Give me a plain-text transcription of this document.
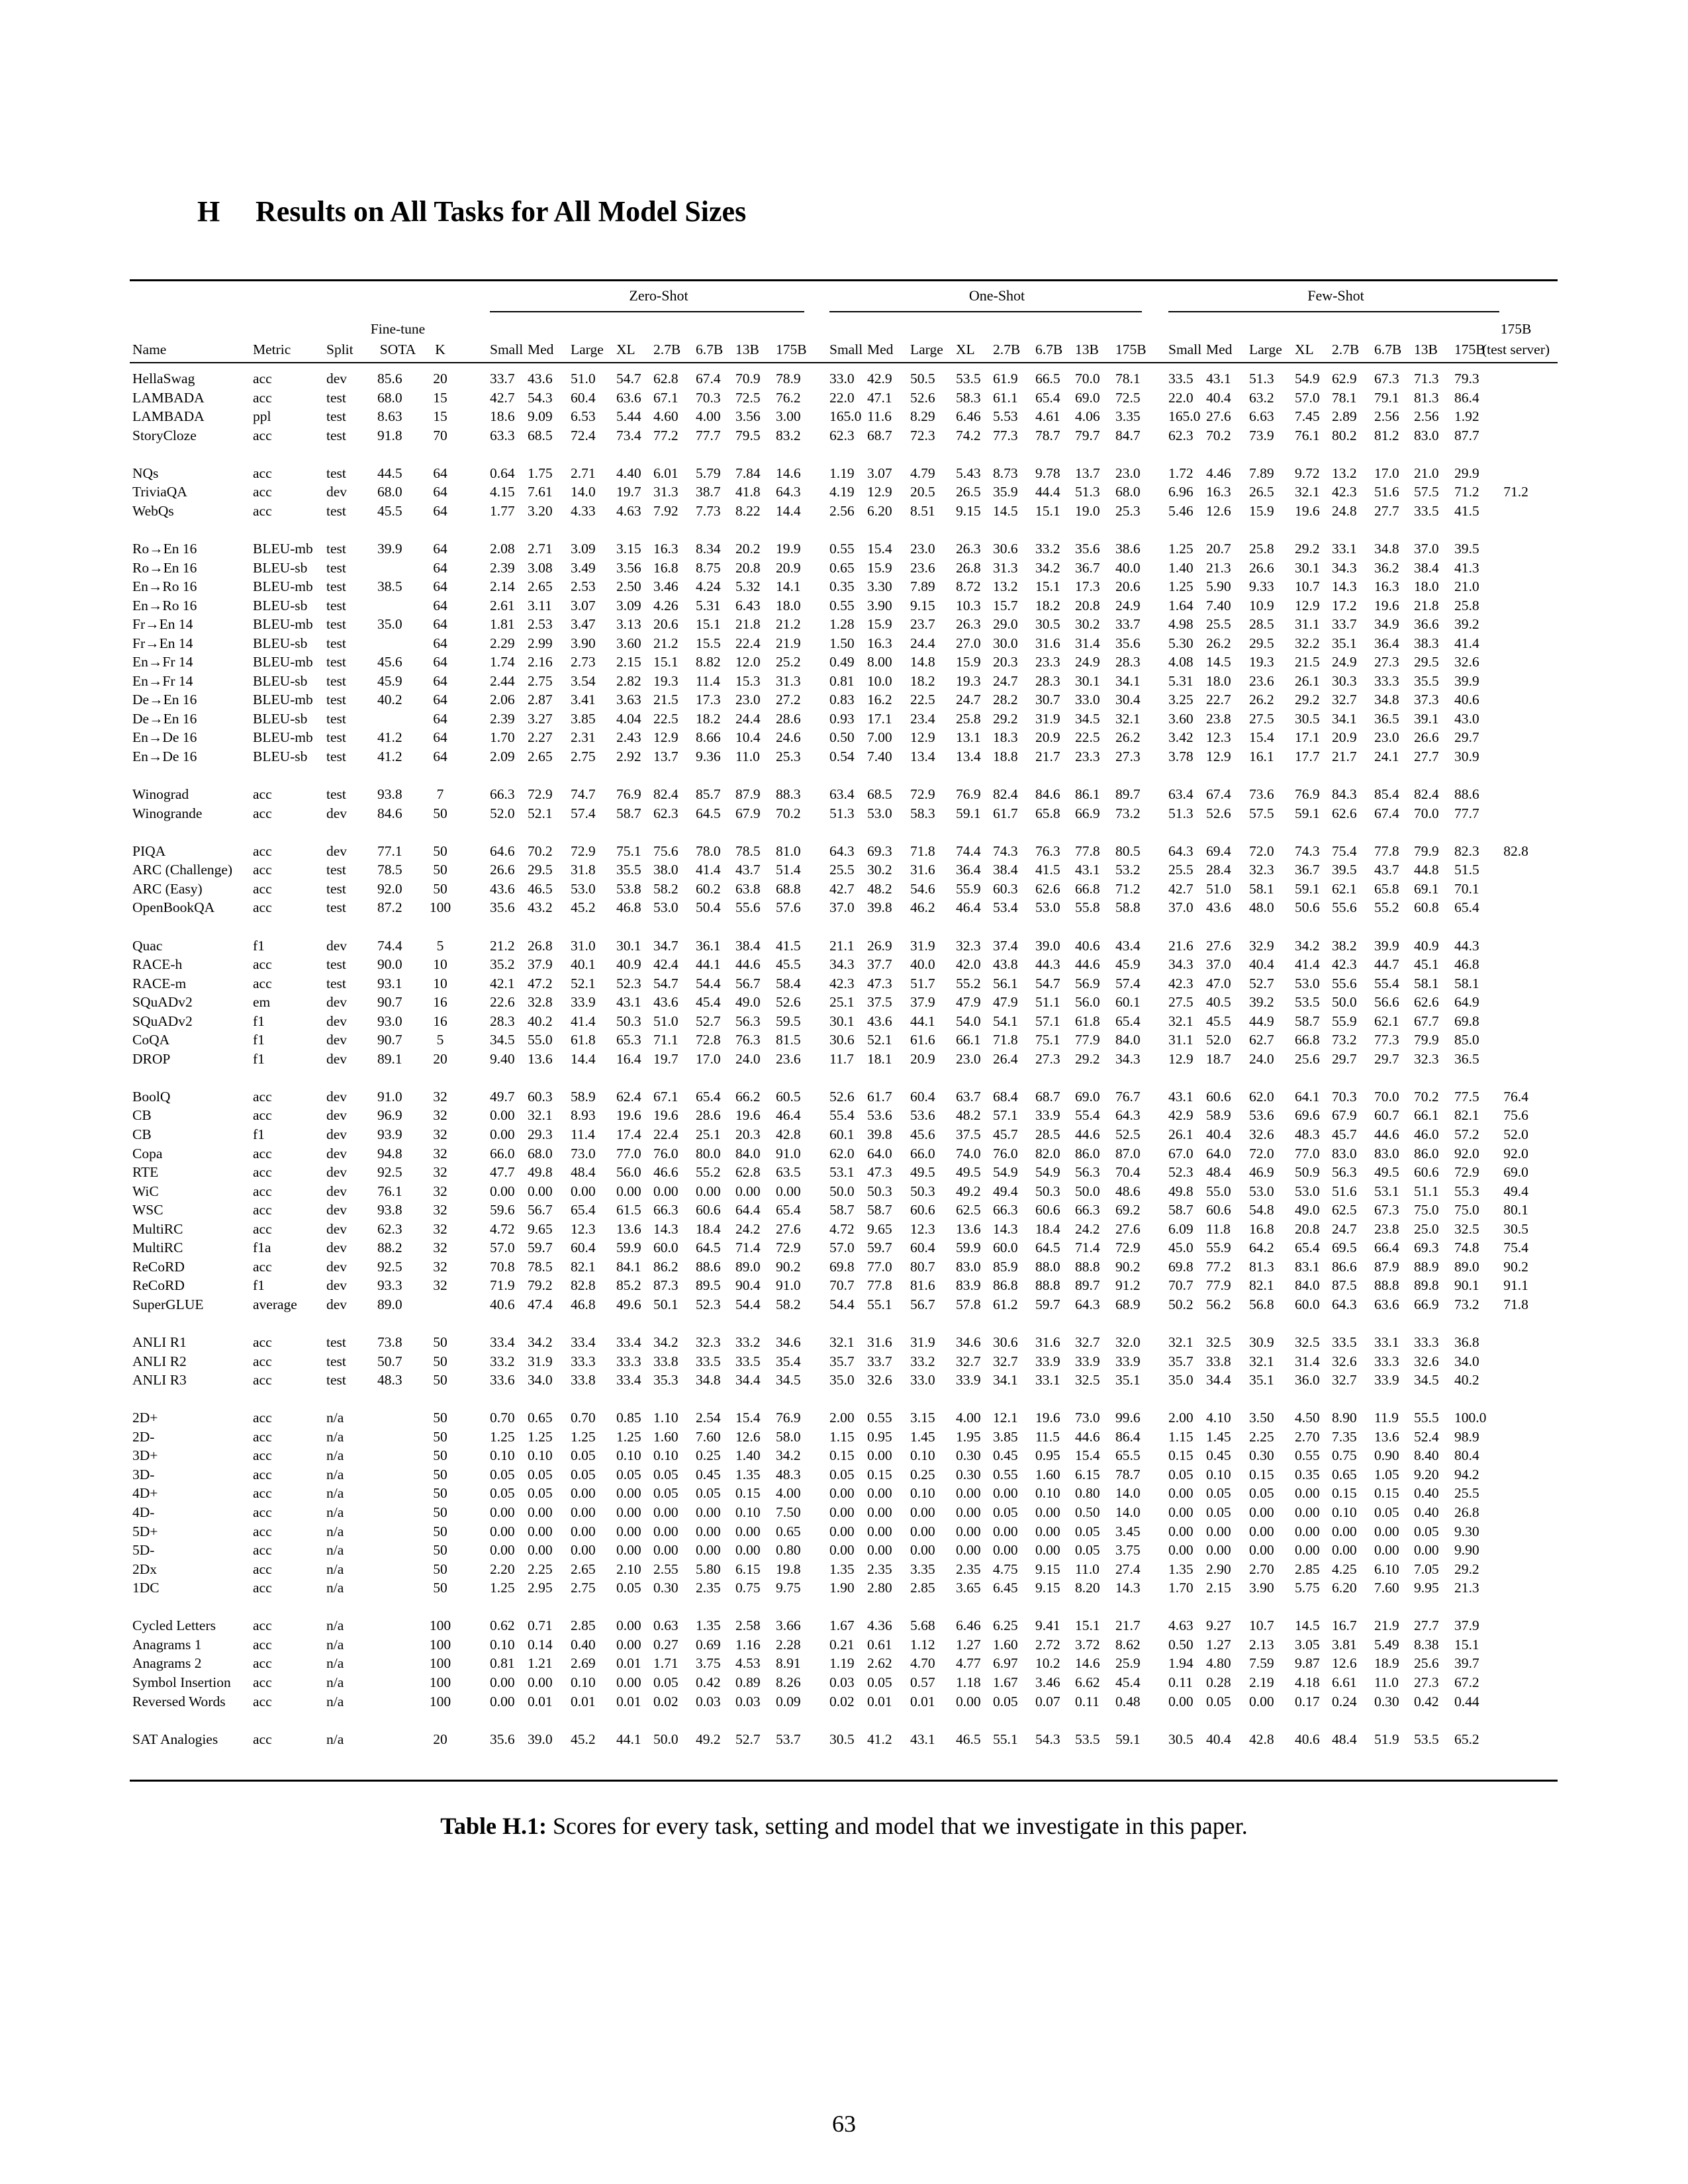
H Results on All Tasks for All Model Sizes
Zero-Shot	One-Shot	Few-Shot
Name	Metric Split
Fine-tune
SOTA K	Small Med Large XL 2.7B 6.7B 13B 175B Small Med Large XL 2.7B 6.7B 13B 175B Small Med Large XL 2.7B 6.7B 13B 175B
175B
(test server)
HellaSwag	acc	dev 85.6 20	33.7 43.6 51.0 54.7 62.8 67.4 70.9 78.9 33.0 42.9 50.5 53.5 61.9 66.5 70.0 78.1 33.5 43.1 51.3 54.9 62.9 67.3 71.3 79.3
LAMBADA	acc	test 68.0 15	42.7 54.3 60.4 63.6 67.1 70.3 72.5 76.2 22.0 47.1 52.6 58.3 61.1 65.4 69.0 72.5 22.0 40.4 63.2 57.0 78.1 79.1 81.3 86.4
LAMBADA	ppl	test 8.63 15	18.6 9.09 6.53 5.44 4.60 4.00 3.56 3.00 165.0 11.6 8.29 6.46 5.53 4.61 4.06 3.35 165.0 27.6 6.63 7.45 2.89 2.56 2.56 1.92
StoryCloze	acc	test 91.8 70	63.3 68.5 72.4 73.4 77.2 77.7 79.5 83.2 62.3 68.7 72.3 74.2 77.3 78.7 79.7 84.7 62.3 70.2 73.9 76.1 80.2 81.2 83.0 87.7
NQs	acc	test 44.5 64	0.64 1.75 2.71 4.40 6.01 5.79 7.84 14.6 1.19 3.07 4.79 5.43 8.73 9.78 13.7 23.0 1.72 4.46 7.89 9.72 13.2 17.0 21.0 29.9
TriviaQA	acc	dev 68.0 64	4.15 7.61 14.0 19.7 31.3 38.7 41.8 64.3 4.19 12.9 20.5 26.5 35.9 44.4 51.3 68.0 6.96 16.3 26.5 32.1 42.3 51.6 57.5 71.2 71.2
WebQs	acc	test 45.5 64	1.77 3.20 4.33 4.63 7.92 7.73 8.22 14.4 2.56 6.20 8.51 9.15 14.5 15.1 19.0 25.3 5.46 12.6 15.9 19.6 24.8 27.7 33.5 41.5
Ro→En 16	BLEU-mb test 39.9 64	2.08 2.71 3.09 3.15 16.3 8.34 20.2 19.9 0.55 15.4 23.0 26.3 30.6 33.2 35.6 38.6 1.25 20.7 25.8 29.2 33.1 34.8 37.0 39.5
Ro→En 16	BLEU-sb test	64	2.39 3.08 3.49 3.56 16.8 8.75 20.8 20.9 0.65 15.9 23.6 26.8 31.3 34.2 36.7 40.0 1.40 21.3 26.6 30.1 34.3 36.2 38.4 41.3
En→Ro 16	BLEU-mb test 38.5 64	2.14 2.65 2.53 2.50 3.46 4.24 5.32 14.1 0.35 3.30 7.89 8.72 13.2 15.1 17.3 20.6 1.25 5.90 9.33 10.7 14.3 16.3 18.0 21.0
En→Ro 16	BLEU-sb test	64	2.61 3.11 3.07 3.09 4.26 5.31 6.43 18.0 0.55 3.90 9.15 10.3 15.7 18.2 20.8 24.9 1.64 7.40 10.9 12.9 17.2 19.6 21.8 25.8
Fr→En 14	BLEU-mb test 35.0 64	1.81 2.53 3.47 3.13 20.6 15.1 21.8 21.2 1.28 15.9 23.7 26.3 29.0 30.5 30.2 33.7 4.98 25.5 28.5 31.1 33.7 34.9 36.6 39.2
Fr→En 14	BLEU-sb test	64	2.29 2.99 3.90 3.60 21.2 15.5 22.4 21.9 1.50 16.3 24.4 27.0 30.0 31.6 31.4 35.6 5.30 26.2 29.5 32.2 35.1 36.4 38.3 41.4
En→Fr 14	BLEU-mb test 45.6 64	1.74 2.16 2.73 2.15 15.1 8.82 12.0 25.2 0.49 8.00 14.8 15.9 20.3 23.3 24.9 28.3 4.08 14.5 19.3 21.5 24.9 27.3 29.5 32.6
En→Fr 14	BLEU-sb test 45.9 64	2.44 2.75 3.54 2.82 19.3 11.4 15.3 31.3 0.81 10.0 18.2 19.3 24.7 28.3 30.1 34.1 5.31 18.0 23.6 26.1 30.3 33.3 35.5 39.9
De→En 16	BLEU-mb test 40.2 64	2.06 2.87 3.41 3.63 21.5 17.3 23.0 27.2 0.83 16.2 22.5 24.7 28.2 30.7 33.0 30.4 3.25 22.7 26.2 29.2 32.7 34.8 37.3 40.6
De→En 16	BLEU-sb test	64	2.39 3.27 3.85 4.04 22.5 18.2 24.4 28.6 0.93 17.1 23.4 25.8 29.2 31.9 34.5 32.1 3.60 23.8 27.5 30.5 34.1 36.5 39.1 43.0
En→De 16	BLEU-mb test 41.2 64	1.70 2.27 2.31 2.43 12.9 8.66 10.4 24.6 0.50 7.00 12.9 13.1 18.3 20.9 22.5 26.2 3.42 12.3 15.4 17.1 20.9 23.0 26.6 29.7
En→De 16	BLEU-sb test 41.2 64	2.09 2.65 2.75 2.92 13.7 9.36 11.0 25.3 0.54 7.40 13.4 13.4 18.8 21.7 23.3 27.3 3.78 12.9 16.1 17.7 21.7 24.1 27.7 30.9
Winograd	acc	test 93.8 7	66.3 72.9 74.7 76.9 82.4 85.7 87.9 88.3 63.4 68.5 72.9 76.9 82.4 84.6 86.1 89.7 63.4 67.4 73.6 76.9 84.3 85.4 82.4 88.6
Winogrande	acc	dev 84.6 50	52.0 52.1 57.4 58.7 62.3 64.5 67.9 70.2 51.3 53.0 58.3 59.1 61.7 65.8 66.9 73.2 51.3 52.6 57.5 59.1 62.6 67.4 70.0 77.7
PIQA	acc	dev 77.1 50	64.6 70.2 72.9 75.1 75.6 78.0 78.5 81.0 64.3 69.3 71.8 74.4 74.3 76.3 77.8 80.5 64.3 69.4 72.0 74.3 75.4 77.8 79.9 82.3 82.8
ARC (Challenge) acc	test 78.5 50	26.6 29.5 31.8 35.5 38.0 41.4 43.7 51.4 25.5 30.2 31.6 36.4 38.4 41.5 43.1 53.2 25.5 28.4 32.3 36.7 39.5 43.7 44.8 51.5
ARC (Easy)	acc	test 92.0 50	43.6 46.5 53.0 53.8 58.2 60.2 63.8 68.8 42.7 48.2 54.6 55.9 60.3 62.6 66.8 71.2 42.7 51.0 58.1 59.1 62.1 65.8 69.1 70.1
OpenBookQA	acc	test 87.2 100	35.6 43.2 45.2 46.8 53.0 50.4 55.6 57.6 37.0 39.8 46.2 46.4 53.4 53.0 55.8 58.8 37.0 43.6 48.0 50.6 55.6 55.2 60.8 65.4
Quac	f1	dev 74.4 5	21.2 26.8 31.0 30.1 34.7 36.1 38.4 41.5 21.1 26.9 31.9 32.3 37.4 39.0 40.6 43.4 21.6 27.6 32.9 34.2 38.2 39.9 40.9 44.3
RACE-h	acc	test 90.0 10	35.2 37.9 40.1 40.9 42.4 44.1 44.6 45.5 34.3 37.7 40.0 42.0 43.8 44.3 44.6 45.9 34.3 37.0 40.4 41.4 42.3 44.7 45.1 46.8
RACE-m	acc	test 93.1 10	42.1 47.2 52.1 52.3 54.7 54.4 56.7 58.4 42.3 47.3 51.7 55.2 56.1 54.7 56.9 57.4 42.3 47.0 52.7 53.0 55.6 55.4 58.1 58.1
SQuADv2	em	dev 90.7 16	22.6 32.8 33.9 43.1 43.6 45.4 49.0 52.6 25.1 37.5 37.9 47.9 47.9 51.1 56.0 60.1 27.5 40.5 39.2 53.5 50.0 56.6 62.6 64.9
SQuADv2	f1	dev 93.0 16	28.3 40.2 41.4 50.3 51.0 52.7 56.3 59.5 30.1 43.6 44.1 54.0 54.1 57.1 61.8 65.4 32.1 45.5 44.9 58.7 55.9 62.1 67.7 69.8
CoQA	f1	dev 90.7 5	34.5 55.0 61.8 65.3 71.1 72.8 76.3 81.5 30.6 52.1 61.6 66.1 71.8 75.1 77.9 84.0 31.1 52.0 62.7 66.8 73.2 77.3 79.9 85.0
DROP	f1	dev 89.1 20	9.40 13.6 14.4 16.4 19.7 17.0 24.0 23.6 11.7 18.1 20.9 23.0 26.4 27.3 29.2 34.3 12.9 18.7 24.0 25.6 29.7 29.7 32.3 36.5
BoolQ	acc	dev 91.0 32	49.7 60.3 58.9 62.4 67.1 65.4 66.2 60.5 52.6 61.7 60.4 63.7 68.4 68.7 69.0 76.7 43.1 60.6 62.0 64.1 70.3 70.0 70.2 77.5 76.4
CB	acc	dev 96.9 32	0.00 32.1 8.93 19.6 19.6 28.6 19.6 46.4 55.4 53.6 53.6 48.2 57.1 33.9 55.4 64.3 42.9 58.9 53.6 69.6 67.9 60.7 66.1 82.1 75.6
CB	f1	dev 93.9 32	0.00 29.3 11.4 17.4 22.4 25.1 20.3 42.8 60.1 39.8 45.6 37.5 45.7 28.5 44.6 52.5 26.1 40.4 32.6 48.3 45.7 44.6 46.0 57.2 52.0
Copa	acc	dev 94.8 32	66.0 68.0 73.0 77.0 76.0 80.0 84.0 91.0 62.0 64.0 66.0 74.0 76.0 82.0 86.0 87.0 67.0 64.0 72.0 77.0 83.0 83.0 86.0 92.0 92.0
RTE	acc	dev 92.5 32	47.7 49.8 48.4 56.0 46.6 55.2 62.8 63.5 53.1 47.3 49.5 49.5 54.9 54.9 56.3 70.4 52.3 48.4 46.9 50.9 56.3 49.5 60.6 72.9 69.0
WiC	acc	dev 76.1 32	0.00 0.00 0.00 0.00 0.00 0.00 0.00 0.00 50.0 50.3 50.3 49.2 49.4 50.3 50.0 48.6 49.8 55.0 53.0 53.0 51.6 53.1 51.1 55.3 49.4
WSC	acc	dev 93.8 32	59.6 56.7 65.4 61.5 66.3 60.6 64.4 65.4 58.7 58.7 60.6 62.5 66.3 60.6 66.3 69.2 58.7 60.6 54.8 49.0 62.5 67.3 75.0 75.0 80.1
MultiRC	acc	dev 62.3 32	4.72 9.65 12.3 13.6 14.3 18.4 24.2 27.6 4.72 9.65 12.3 13.6 14.3 18.4 24.2 27.6 6.09 11.8 16.8 20.8 24.7 23.8 25.0 32.5 30.5
MultiRC	f1a	dev 88.2 32	57.0 59.7 60.4 59.9 60.0 64.5 71.4 72.9 57.0 59.7 60.4 59.9 60.0 64.5 71.4 72.9 45.0 55.9 64.2 65.4 69.5 66.4 69.3 74.8 75.4
ReCoRD	acc	dev 92.5 32	70.8 78.5 82.1 84.1 86.2 88.6 89.0 90.2 69.8 77.0 80.7 83.0 85.9 88.0 88.8 90.2 69.8 77.2 81.3 83.1 86.6 87.9 88.9 89.0 90.2
ReCoRD	f1	dev 93.3 32	71.9 79.2 82.8 85.2 87.3 89.5 90.4 91.0 70.7 77.8 81.6 83.9 86.8 88.8 89.7 91.2 70.7 77.9 82.1 84.0 87.5 88.8 89.8 90.1 91.1
SuperGLUE	average dev 89.0	40.6 47.4 46.8 49.6 50.1 52.3 54.4 58.2 54.4 55.1 56.7 57.8 61.2 59.7 64.3 68.9 50.2 56.2 56.8 60.0 64.3 63.6 66.9 73.2 71.8
ANLI R1	acc	test 73.8 50	33.4 34.2 33.4 33.4 34.2 32.3 33.2 34.6 32.1 31.6 31.9 34.6 30.6 31.6 32.7 32.0 32.1 32.5 30.9 32.5 33.5 33.1 33.3 36.8
ANLI R2	acc	test 50.7 50	33.2 31.9 33.3 33.3 33.8 33.5 33.5 35.4 35.7 33.7 33.2 32.7 32.7 33.9 33.9 33.9 35.7 33.8 32.1 31.4 32.6 33.3 32.6 34.0
ANLI R3	acc	test 48.3 50	33.6 34.0 33.8 33.4 35.3 34.8 34.4 34.5 35.0 32.6 33.0 33.9 34.1 33.1 32.5 35.1 35.0 34.4 35.1 36.0 32.7 33.9 34.5 40.2
2D+	acc	n/a	50	0.70 0.65 0.70 0.85 1.10 2.54 15.4 76.9 2.00 0.55 3.15 4.00 12.1 19.6 73.0 99.6 2.00 4.10 3.50 4.50 8.90 11.9 55.5 100.0
2D-	acc	n/a	50	1.25 1.25 1.25 1.25 1.60 7.60 12.6 58.0 1.15 0.95 1.45 1.95 3.85 11.5 44.6 86.4 1.15 1.45 2.25 2.70 7.35 13.6 52.4 98.9
3D+	acc	n/a	50	0.10 0.10 0.05 0.10 0.10 0.25 1.40 34.2 0.15 0.00 0.10 0.30 0.45 0.95 15.4 65.5 0.15 0.45 0.30 0.55 0.75 0.90 8.40 80.4
3D-	acc	n/a	50	0.05 0.05 0.05 0.05 0.05 0.45 1.35 48.3 0.05 0.15 0.25 0.30 0.55 1.60 6.15 78.7 0.05 0.10 0.15 0.35 0.65 1.05 9.20 94.2
4D+	acc	n/a	50	0.05 0.05 0.00 0.00 0.05 0.05 0.15 4.00 0.00 0.00 0.10 0.00 0.00 0.10 0.80 14.0 0.00 0.05 0.05 0.00 0.15 0.15 0.40 25.5
4D-	acc	n/a	50	0.00 0.00 0.00 0.00 0.00 0.00 0.10 7.50 0.00 0.00 0.00 0.00 0.05 0.00 0.50 14.0 0.00 0.05 0.00 0.00 0.10 0.05 0.40 26.8
5D+	acc	n/a	50	0.00 0.00 0.00 0.00 0.00 0.00 0.00 0.65 0.00 0.00 0.00 0.00 0.00 0.00 0.05 3.45 0.00 0.00 0.00 0.00 0.00 0.00 0.05 9.30
5D-	acc	n/a	50	0.00 0.00 0.00 0.00 0.00 0.00 0.00 0.80 0.00 0.00 0.00 0.00 0.00 0.00 0.05 3.75 0.00 0.00 0.00 0.00 0.00 0.00 0.00 9.90
2Dx	acc	n/a	50	2.20 2.25 2.65 2.10 2.55 5.80 6.15 19.8 1.35 2.35 3.35 2.35 4.75 9.15 11.0 27.4 1.35 2.90 2.70 2.85 4.25 6.10 7.05 29.2
1DC	acc	n/a	50	1.25 2.95 2.75 0.05 0.30 2.35 0.75 9.75 1.90 2.80 2.85 3.65 6.45 9.15 8.20 14.3 1.70 2.15 3.90 5.75 6.20 7.60 9.95 21.3
Cycled Letters	acc	n/a	100	0.62 0.71 2.85 0.00 0.63 1.35 2.58 3.66 1.67 4.36 5.68 6.46 6.25 9.41 15.1 21.7 4.63 9.27 10.7 14.5 16.7 21.9 27.7 37.9
Anagrams 1	acc	n/a	100	0.10 0.14 0.40 0.00 0.27 0.69 1.16 2.28 0.21 0.61 1.12 1.27 1.60 2.72 3.72 8.62 0.50 1.27 2.13 3.05 3.81 5.49 8.38 15.1
Anagrams 2	acc	n/a	100	0.81 1.21 2.69 0.01 1.71 3.75 4.53 8.91 1.19 2.62 4.70 4.77 6.97 10.2 14.6 25.9 1.94 4.80 7.59 9.87 12.6 18.9 25.6 39.7
Symbol Insertion acc	n/a	100	0.00 0.00 0.10 0.00 0.05 0.42 0.89 8.26 0.03 0.05 0.57 1.18 1.67 3.46 6.62 45.4 0.11 0.28 2.19 4.18 6.61 11.0 27.3 67.2
Reversed Words acc	n/a	100	0.00 0.01 0.01 0.01 0.02 0.03 0.03 0.09 0.02 0.01 0.01 0.00 0.05 0.07 0.11 0.48 0.00 0.05 0.00 0.17 0.24 0.30 0.42 0.44
SAT Analogies acc	n/a	20	35.6 39.0 45.2 44.1 50.0 49.2 52.7 53.7 30.5 41.2 43.1 46.5 55.1 54.3 53.5 59.1 30.5 40.4 42.8 40.6 48.4 51.9 53.5 65.2
Table H.1: Scores for every task, setting and model that we investigate in this paper.
63
